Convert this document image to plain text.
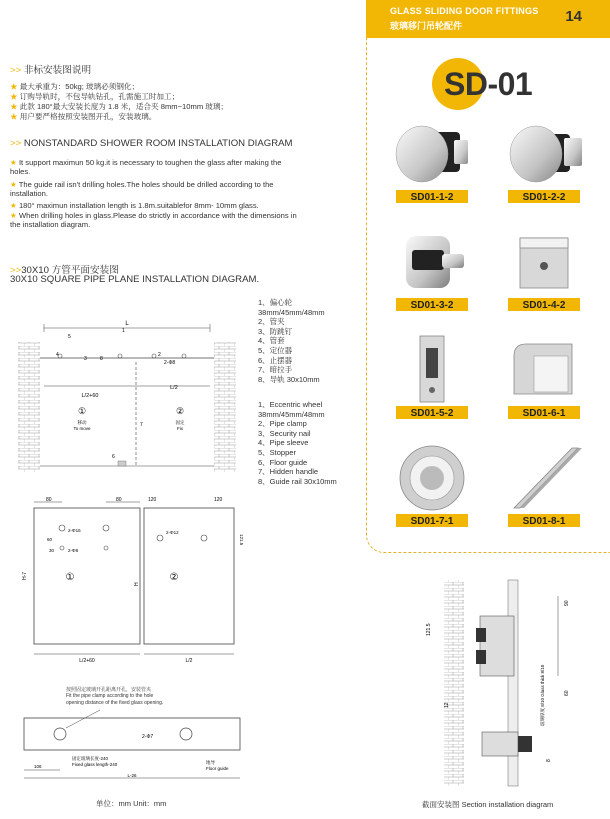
GLASS SLIDING DOOR FITTINGS
玻璃移门吊轮配件
14
SD-01
SD01-1-2	SD01-2-2
SD01-3-2	SD01-4-2
SD01-5-2	SD01-6-1
SD01-7-1	SD01-8-1
>> 非标安装图说明
★ 最大承重为：50kg; 玻璃必须钢化；
★ 订购导轨时，不包导轨钻孔，孔需施工时加工；
★ 此款 180°最大安装长度为 1.8 米，适合夹 8mm~10mm 玻璃；
★ 用户要严格按照安装图开孔，安装玻璃。
>> NONSTANDARD SHOWER ROOM INSTALLATION DIAGRAM
★ It support maximun 50 kg.it is necessary to toughen the glass after making the holes.
★ The guide rail isn't drilling holes.The holes should be drilled according to the installation.
★ 180° maximun installation length is 1.8m.suitablefor 8mm- 10mm glass.
★ When drilling holes in glass.Please do strictly in accordance with the dimensions in the installation diagram.
>>30X10 方管平面安装图
30X10 SQUARE PIPE PLANE INSTALLATION DIAGRAM.
1、偏心轮
38mm/45mm/48mm
2、管夹
3、防跳钉
4、管套
5、定位器
6、止摆器
7、暗拉手
8、导轨 30x10mm
1、Eccentric wheel
38mm/45mm/48mm
2、Pipe clamp
3、Security nail
4、Pipe sleeve
5、Stopper
6、Floor guide
7、Hidden handle
8、Guide rail 30x10mm
L
L/2+60
L/2
5
1
4
3	8
2
2-Φ8
7
6
①
移动
To move
②
固定
Fix
80	80	120	120
2-Φ16
2-Φ8
60
30
2-Φ12
121.5
H-7
H
①	②
L/2+60	L/2
按照固定玻璃开孔距离开孔，安装管夹
Fit the pipe clamp according to the hole
opening distance of the fixed glass opening.
2-Φ7
固定玻璃长度-240
Fixed glass length-240
106
L-26
地导
Floor guide
单位：mm Unit：mm
121.5
90
12
60
8
玻璃厚度 8/10 Glass thick 8/10
截面安装图 Section installation diagram
